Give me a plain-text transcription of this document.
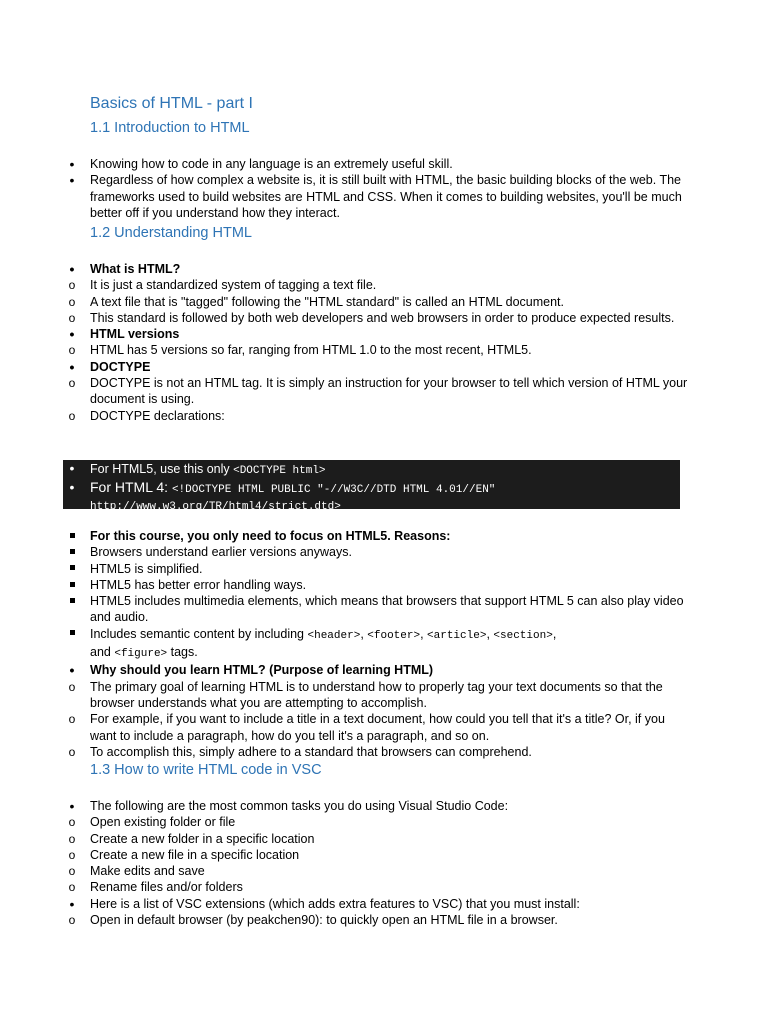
Basics of HTML - part I
1.1 Introduction to HTML
•
Knowing how to code in any language is an extremely useful skill.
•
Regardless of how complex a website is, it is still built with HTML, the basic building blocks of the web. The frameworks used to build websites are HTML and CSS. When it comes to building websites, you'll be much better off if you understand how they interact.
1.2 Understanding HTML
•
What is HTML?
o
It is just a standardized system of tagging a text file.
o
A text file that is "tagged" following the "HTML standard" is called an HTML document.
o
This standard is followed by both web developers and web browsers in order to produce expected results.
•
HTML versions
o
HTML has 5 versions so far, ranging from HTML 1.0 to the most recent, HTML5.
•
DOCTYPE
o
DOCTYPE is not an HTML tag. It is simply an instruction for your browser to tell which version of HTML your document is using.
o
DOCTYPE declarations:
•
For HTML5, use this only <DOCTYPE html>
•
For HTML 4: <!DOCTYPE HTML PUBLIC "-//W3C//DTD HTML 4.01//EN"
http://www.w3.org/TR/html4/strict.dtd>
For this course, you only need to focus on HTML5. Reasons:
Browsers understand earlier versions anyways.
HTML5 is simplified.
HTML5 has better error handling ways.
HTML5 includes multimedia elements, which means that browsers that support HTML 5 can also play video and audio.
Includes semantic content by including <header>, <footer>, <article>, <section>,
and <figure> tags.
•
Why should you learn HTML? (Purpose of learning HTML)
o
The primary goal of learning HTML is to understand how to properly tag your text documents so that the browser understands what you are attempting to accomplish.
o
For example, if you want to include a title in a text document, how could you tell that it's a title? Or, if you want to include a paragraph, how do you tell it's a paragraph, and so on.
o
To accomplish this, simply adhere to a standard that browsers can comprehend.
1.3 How to write HTML code in VSC
•
The following are the most common tasks you do using Visual Studio Code:
o
Open existing folder or file
o
Create a new folder in a specific location
o
Create a new file in a specific location
o
Make edits and save
o
Rename files and/or folders
•
Here is a list of VSC extensions (which adds extra features to VSC) that you must install:
o
Open in default browser (by peakchen90): to quickly open an HTML file in a browser.
